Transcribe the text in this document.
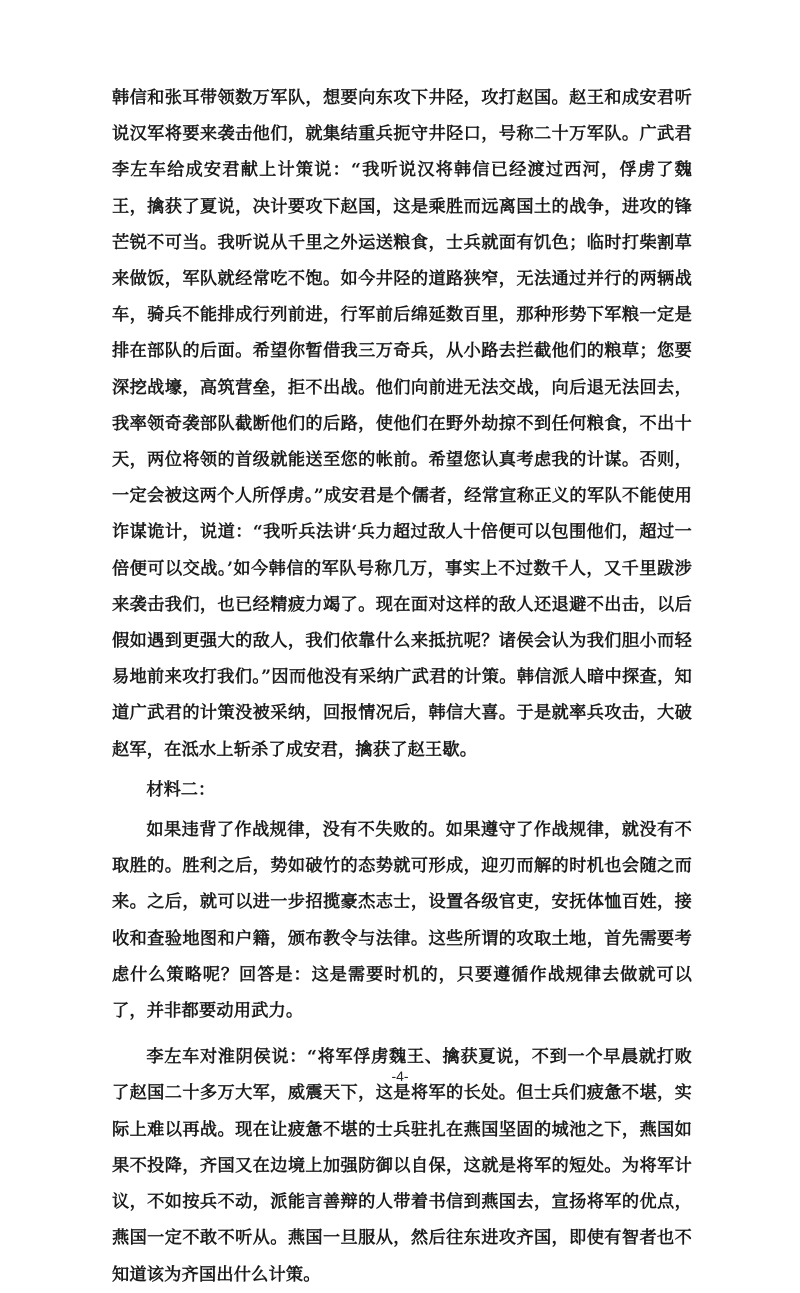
韩信和张耳带领数万军队，想要向东攻下井陉，攻打赵国。赵王和成安君听说汉军将要来袭击他们，就集结重兵扼守井陉口，号称二十万军队。广武君李左车给成安君献上计策说：“我听说汉将韩信已经渡过西河，俘虏了魏王，擒获了夏说，决计要攻下赵国，这是乘胜而远离国土的战争，进攻的锋芒锐不可当。我听说从千里之外运送粮食，士兵就面有饥色；临时打柴割草来做饭，军队就经常吃不饱。如今井陉的道路狭窄，无法通过并行的两辆战车，骑兵不能排成行列前进，行军前后绵延数百里，那种形势下军粮一定是排在部队的后面。希望你暂借我三万奇兵，从小路去拦截他们的粮草；您要深挖战壕，高筑营垒，拒不出战。他们向前进无法交战，向后退无法回去，我率领奇袭部队截断他们的后路，使他们在野外劫掠不到任何粮食，不出十天，两位将领的首级就能送至您的帐前。希望您认真考虑我的计谋。否则，一定会被这两个人所俘虏。”成安君是个儒者，经常宣称正义的军队不能使用诈谋诡计，说道：“我听兵法讲‘兵力超过敌人十倍便可以包围他们，超过一倍便可以交战。’如今韩信的军队号称几万，事实上不过数千人，又千里跋涉来袭击我们，也已经精疲力竭了。现在面对这样的敌人还退避不出击，以后假如遇到更强大的敌人，我们依靠什么来抵抗呢？诸侯会认为我们胆小而轻易地前来攻打我们。”因而他没有采纳广武君的计策。韩信派人暗中探查，知道广武君的计策没被采纳，回报情况后，韩信大喜。于是就率兵攻击，大破赵军，在泜水上斩杀了成安君，擒获了赵王歇。

材料二：

如果违背了作战规律，没有不失败的。如果遵守了作战规律，就没有不取胜的。胜利之后，势如破竹的态势就可形成，迎刃而解的时机也会随之而来。之后，就可以进一步招揽豪杰志士，设置各级官吏，安抚体恤百姓，接收和查验地图和户籍，颁布教令与法律。这些所谓的攻取土地，首先需要考虑什么策略呢？回答是：这是需要时机的，只要遵循作战规律去做就可以了，并非都要动用武力。

李左车对淮阴侯说：“将军俘虏魏王、擒获夏说，不到一个早晨就打败了赵国二十多万大军，威震天下，这是将军的长处。但士兵们疲惫不堪，实际上难以再战。现在让疲惫不堪的士兵驻扎在燕国坚固的城池之下，燕国如果不投降，齐国又在边境上加强防御以自保，这就是将军的短处。为将军计议，不如按兵不动，派能言善辩的人带着书信到燕国去，宣扬将军的优点，燕国一定不敢不听从。燕国一旦服从，然后往东进攻齐国，即使有智者也不知道该为齐国出什么计策。

-4-
